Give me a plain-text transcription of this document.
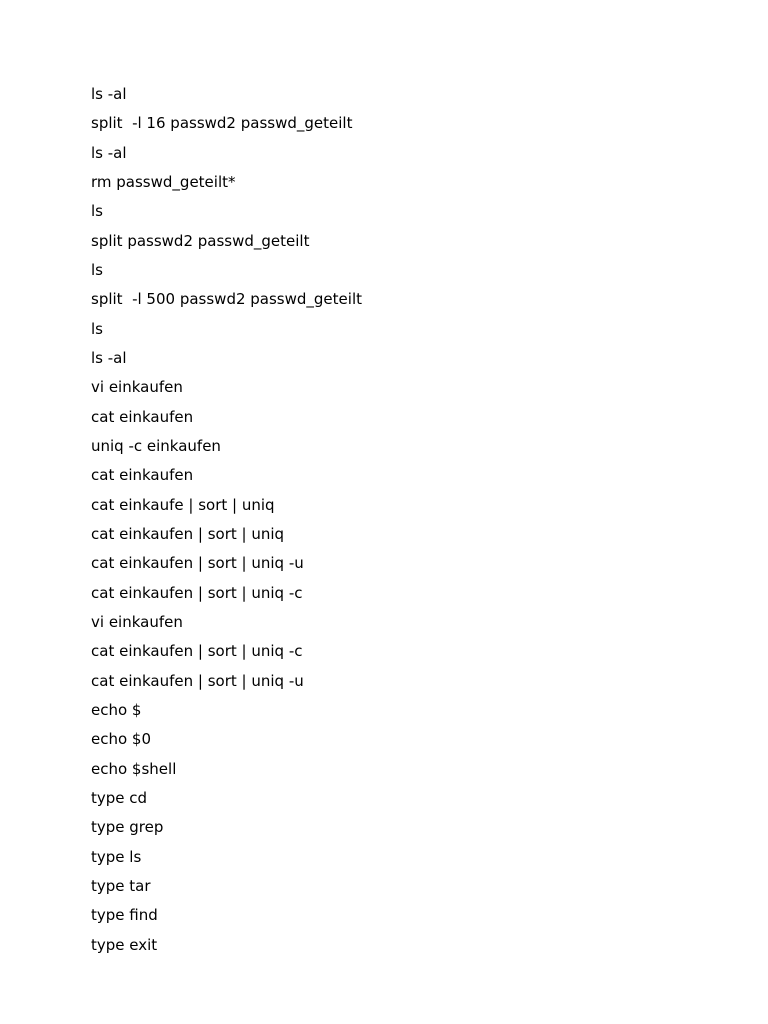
ls -al
split  -l 16 passwd2 passwd_geteilt
ls -al
rm passwd_geteilt*
ls
split passwd2 passwd_geteilt
ls
split  -l 500 passwd2 passwd_geteilt
ls
ls -al
vi einkaufen
cat einkaufen
uniq -c einkaufen
cat einkaufen
cat einkaufe | sort | uniq
cat einkaufen | sort | uniq
cat einkaufen | sort | uniq -u
cat einkaufen | sort | uniq -c
vi einkaufen
cat einkaufen | sort | uniq -c
cat einkaufen | sort | uniq -u
echo $
echo $0
echo $shell
type cd
type grep
type ls
type tar
type find
type exit
